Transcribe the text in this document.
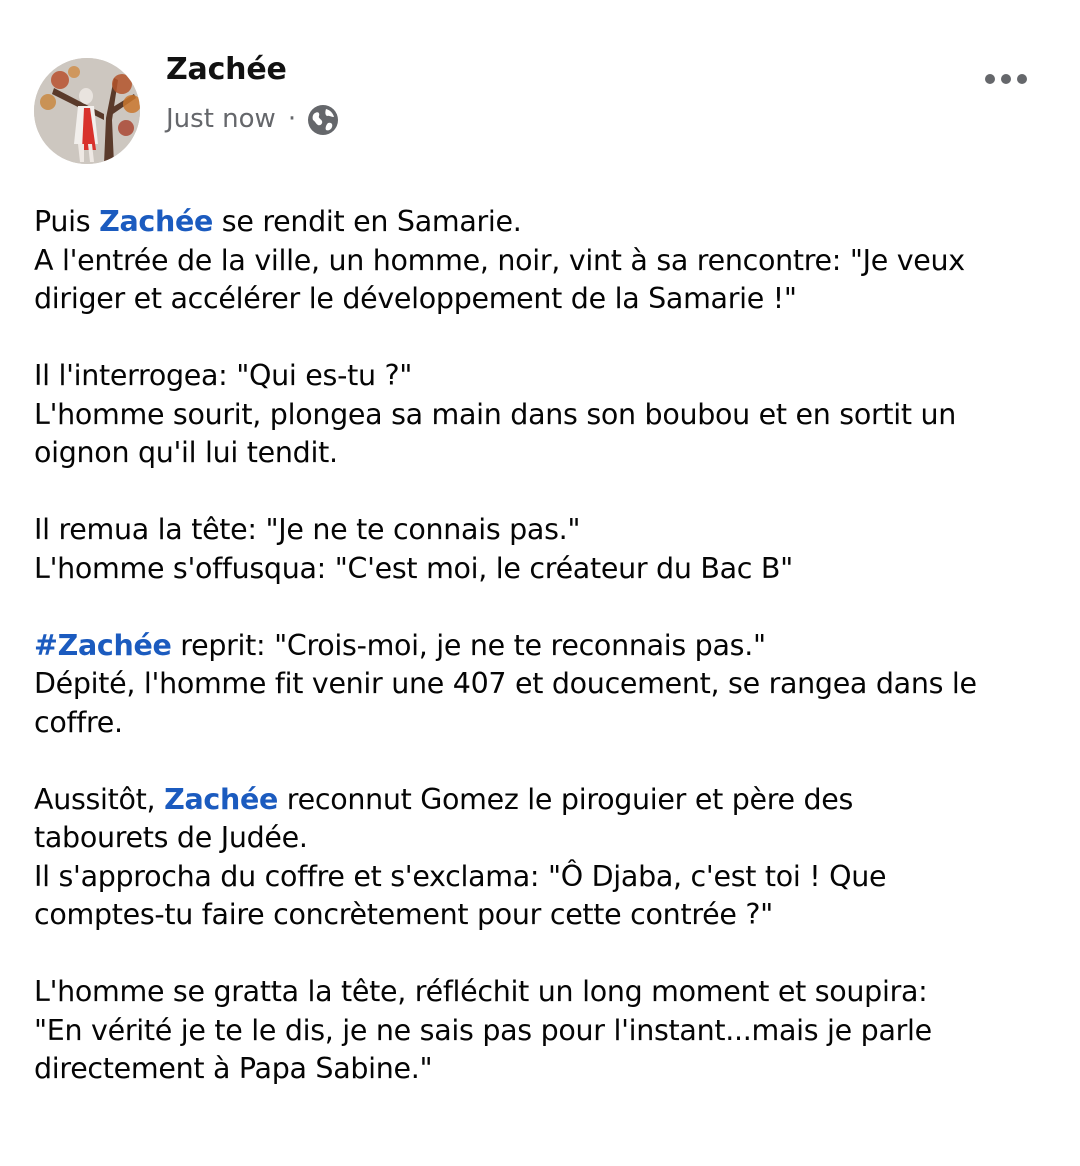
Zachée
Just now ·

Puis Zachée se rendit en Samarie.
A l'entrée de la ville, un homme, noir, vint à sa rencontre: "Je veux
diriger et accélérer le développement de la Samarie !"

Il l'interrogea: "Qui es-tu ?"
L'homme sourit, plongea sa main dans son boubou et en sortit un
oignon qu'il lui tendit.

Il remua la tête: "Je ne te connais pas."
L'homme s'offusqua: "C'est moi, le créateur du Bac B"

#Zachée reprit: "Crois-moi, je ne te reconnais pas."
Dépité, l'homme fit venir une 407 et doucement, se rangea dans le
coffre.

Aussitôt, Zachée reconnut Gomez le piroguier et père des
tabourets de Judée.
Il s'approcha du coffre et s'exclama: "Ô Djaba, c'est toi ! Que
comptes-tu faire concrètement pour cette contrée ?"

L'homme se gratta la tête, réfléchit un long moment et soupira:
"En vérité je te le dis, je ne sais pas pour l'instant...mais je parle
directement à Papa Sabine."
